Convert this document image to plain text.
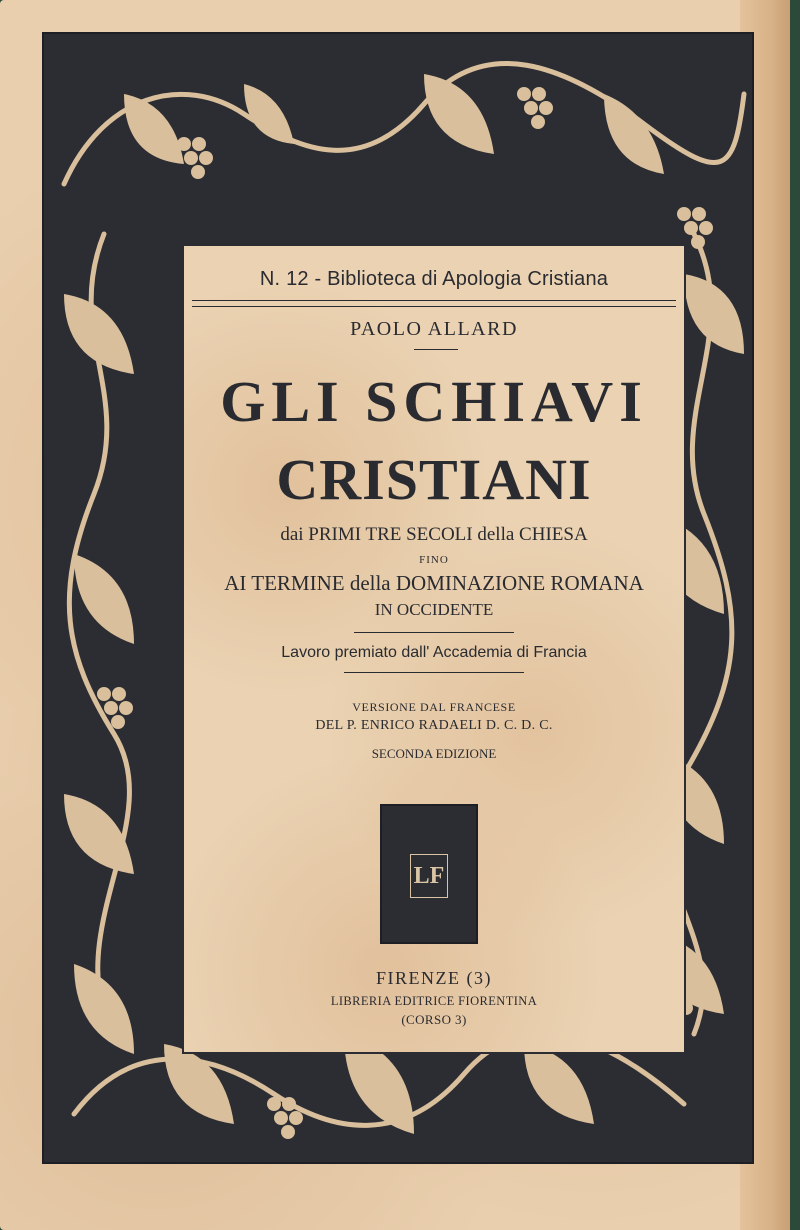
N. 12 - Biblioteca di Apologia Cristiana
PAOLO ALLARD
GLI SCHIAVI
CRISTIANI
dai PRIMI TRE SECOLI della CHIESA
FINO
AI TERMINE della DOMINAZIONE ROMANA
IN OCCIDENTE
Lavoro premiato dall' Accademia di Francia
VERSIONE DAL FRANCESE
DEL P. ENRICO RADAELI D. C. D. C.
SECONDA EDIZIONE
LF
FIRENZE (3)
LIBRERIA EDITRICE FIORENTINA
(CORSO 3)
